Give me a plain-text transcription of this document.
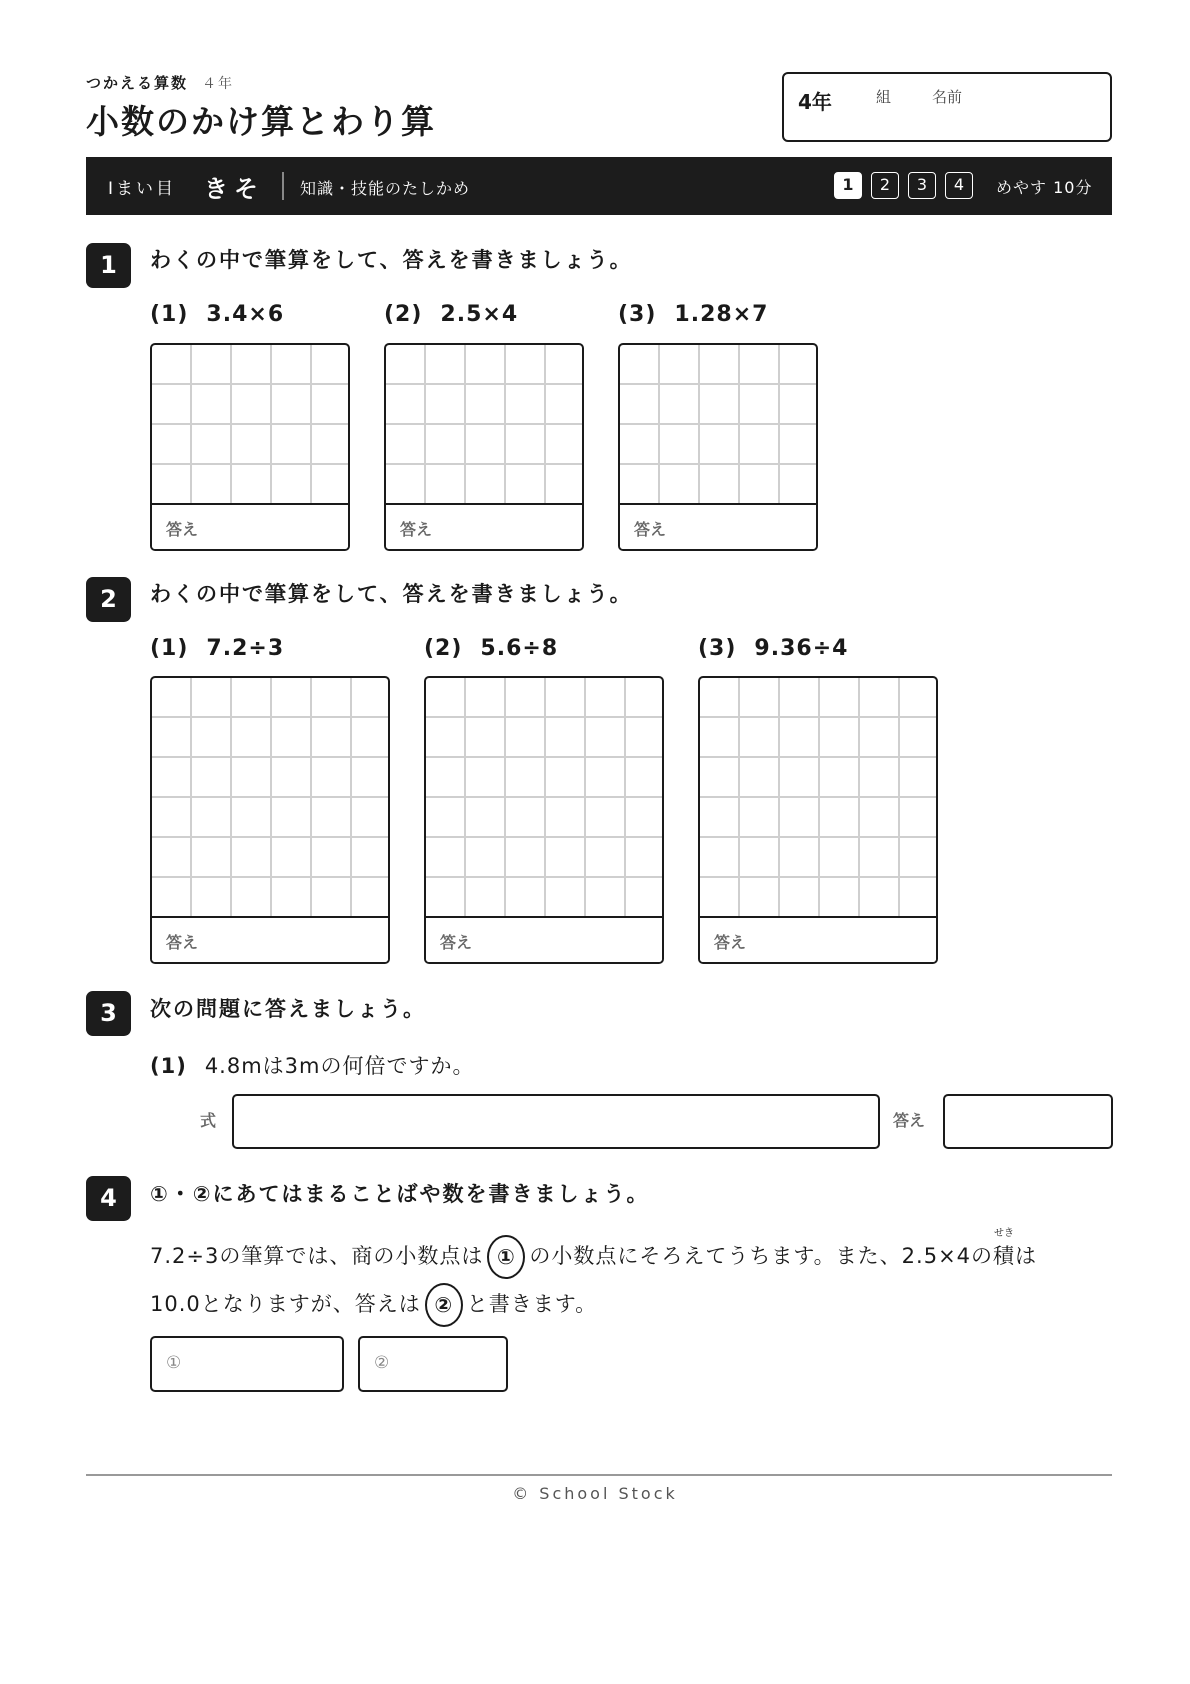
つかえる算数 ４年
小数のかけ算とわり算	4年	組	名前
Iまい目 きそ 知識・技能のたしかめ	1	2	3	4	めやす 10分
1	わくの中で筆算をして、答えを書きましょう。
(1) 3.4×6	(2) 2.5×4	(3) 1.28×7
答え	答え	答え
2	わくの中で筆算をして、答えを書きましょう。
(1) 7.2÷3	(2) 5.6÷8	(3) 9.36÷4
答え	答え	答え
3	次の問題に答えましょう。
(1) 4.8mは3mの何倍ですか。
式	答え
4	①・②にあてはまることばや数を書きましょう。
7.2÷3の筆算では、商の小数点は ① の小数点にそろえてうちます。また、2.5×4の
せき
積は
10.0となりますが、答えは ② と書きます。
①	②
© School Stock
